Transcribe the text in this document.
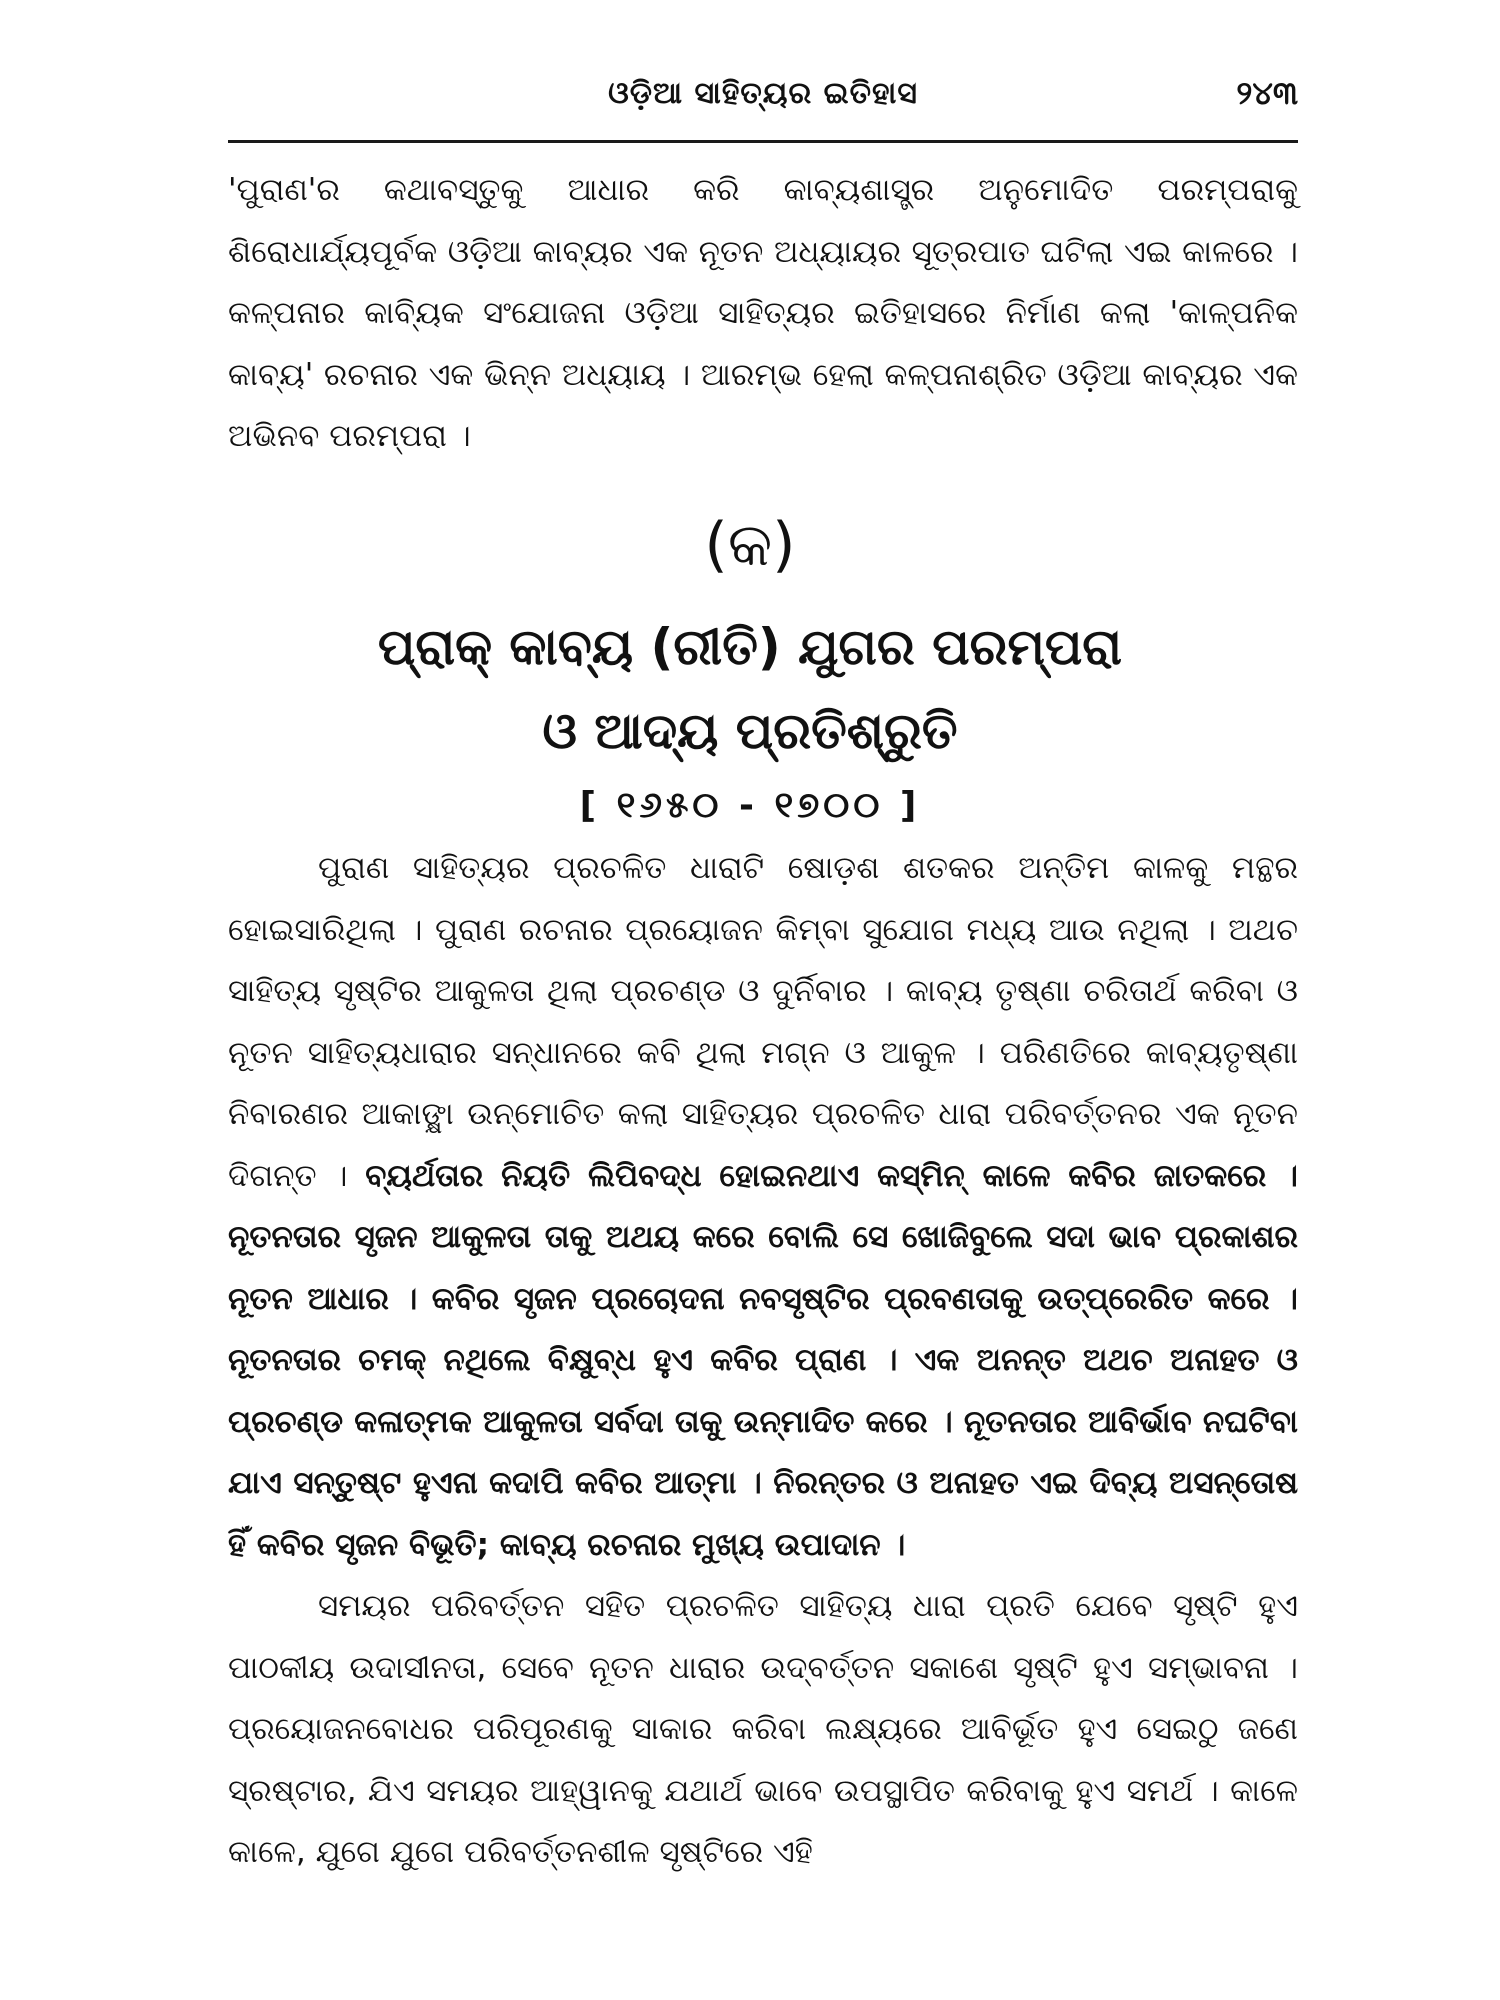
ଓଡ଼ିଆ ସାହିତ୍ୟର ଇତିହାସ	୨୪୩

'ପୁରାଣ'ର କଥାବସ୍ତୁକୁ ଆଧାର କରି କାବ୍ୟଶାସ୍ତ୍ର ଅନୁମୋଦିତ ପରମ୍ପରାକୁ ଶିରୋଧାର୍ଯ୍ୟପୂର୍ବକ ଓଡ଼ିଆ କାବ୍ୟର ଏକ ନୂତନ ଅଧ୍ୟାୟର ସୂତ୍ରପାତ ଘଟିଲା ଏଇ କାଳରେ । କଳ୍ପନାର କାବ୍ୟିକ ସଂଯୋଜନା ଓଡ଼ିଆ ସାହିତ୍ୟର ଇତିହାସରେ ନିର୍ମାଣ କଲା 'କାଳ୍ପନିକ କାବ୍ୟ' ରଚନାର ଏକ ଭିନ୍ନ ଅଧ୍ୟାୟ । ଆରମ୍ଭ ହେଲା କଳ୍ପନାଶ୍ରିତ ଓଡ଼ିଆ କାବ୍ୟର ଏକ ଅଭିନବ ପରମ୍ପରା ।

(କ)
ପ୍ରାକ୍ କାବ୍ୟ (ରୀତି) ଯୁଗର ପରମ୍ପରା
ଓ ଆଦ୍ୟ ପ୍ରତିଶ୍ରୁତି
[ ୧୬୫୦ - ୧୭୦୦ ]

ପୁରାଣ ସାହିତ୍ୟର ପ୍ରଚଳିତ ଧାରାଟି ଷୋଡ଼ଶ ଶତକର ଅନ୍ତିମ କାଳକୁ ମନ୍ଥର ହୋଇସାରିଥିଲା । ପୁରାଣ ରଚନାର ପ୍ରୟୋଜନ କିମ୍ବା ସୁଯୋଗ ମଧ୍ୟ ଆଉ ନଥିଲା । ଅଥଚ ସାହିତ୍ୟ ସୃଷ୍ଟିର ଆକୁଳତା ଥିଲା ପ୍ରଚଣ୍ଡ ଓ ଦୁର୍ନିବାର । କାବ୍ୟ ତୃଷ୍ଣା ଚରିତାର୍ଥ କରିବା ଓ ନୂତନ ସାହିତ୍ୟଧାରାର ସନ୍ଧାନରେ କବି ଥିଲା ମଗ୍ନ ଓ ଆକୁଳ । ପରିଣତିରେ କାବ୍ୟତୃଷ୍ଣା ନିବାରଣର ଆକାଙ୍କ୍ଷା ଉନ୍ମୋଚିତ କଲା ସାହିତ୍ୟର ପ୍ରଚଳିତ ଧାରା ପରିବର୍ତ୍ତନର ଏକ ନୂତନ ଦିଗନ୍ତ । ବ୍ୟର୍ଥତାର ନିୟତି ଲିପିବଦ୍ଧ ହୋଇନଥାଏ କସ୍ମିନ୍ କାଳେ କବିର ଜାତକରେ । ନୂତନତାର ସୃଜନ ଆକୁଳତା ତାକୁ ଅଥୟ କରେ ବୋଲି ସେ ଖୋଜିବୁଲେ ସଦା ଭାବ ପ୍ରକାଶର ନୂତନ ଆଧାର । କବିର ସୃଜନ ପ୍ରଚୋଦନା ନବସୃଷ୍ଟିର ପ୍ରବଣତାକୁ ଉତ୍‌ପ୍ରେରିତ କରେ । ନୂତନତାର ଚମକ୍ ନଥିଲେ ବିକ୍ଷୁବ୍ଧ ହୁଏ କବିର ପ୍ରାଣ । ଏକ ଅନନ୍ତ ଅଥଚ ଅନାହତ ଓ ପ୍ରଚଣ୍ଡ କଳାତ୍ମକ ଆକୁଳତା ସର୍ବଦା ତାକୁ ଉନ୍ମାଦିତ କରେ । ନୂତନତାର ଆବିର୍ଭାବ ନଘଟିବା ଯାଏ ସନ୍ତୁଷ୍ଟ ହୁଏନା କଦାପି କବିର ଆତ୍ମା । ନିରନ୍ତର ଓ ଅନାହତ ଏଇ ଦିବ୍ୟ ଅସନ୍ତୋଷ ହିଁ କବିର ସୃଜନ ବିଭୂତି; କାବ୍ୟ ରଚନାର ମୁଖ୍ୟ ଉପାଦାନ ।

ସମୟର ପରିବର୍ତ୍ତନ ସହିତ ପ୍ରଚଳିତ ସାହିତ୍ୟ ଧାରା ପ୍ରତି ଯେବେ ସୃଷ୍ଟି ହୁଏ ପାଠକୀୟ ଉଦାସୀନତା, ସେବେ ନୂତନ ଧାରାର ଉଦ୍‌ବର୍ତ୍ତନ ସକାଶେ ସୃଷ୍ଟି ହୁଏ ସମ୍ଭାବନା । ପ୍ରୟୋଜନବୋଧର ପରିପୂରଣକୁ ସାକାର କରିବା ଲକ୍ଷ୍ୟରେ ଆବିର୍ଭୂତ ହୁଏ ସେଇଠୁ ଜଣେ ସ୍ରଷ୍ଟାର, ଯିଏ ସମୟର ଆହ୍ୱାନକୁ ଯଥାର୍ଥ ଭାବେ ଉପସ୍ଥାପିତ କରିବାକୁ ହୁଏ ସମର୍ଥ । କାଳେ କାଳେ, ଯୁଗେ ଯୁଗେ ପରିବର୍ତ୍ତନଶୀଳ ସୃଷ୍ଟିରେ ଏହି
